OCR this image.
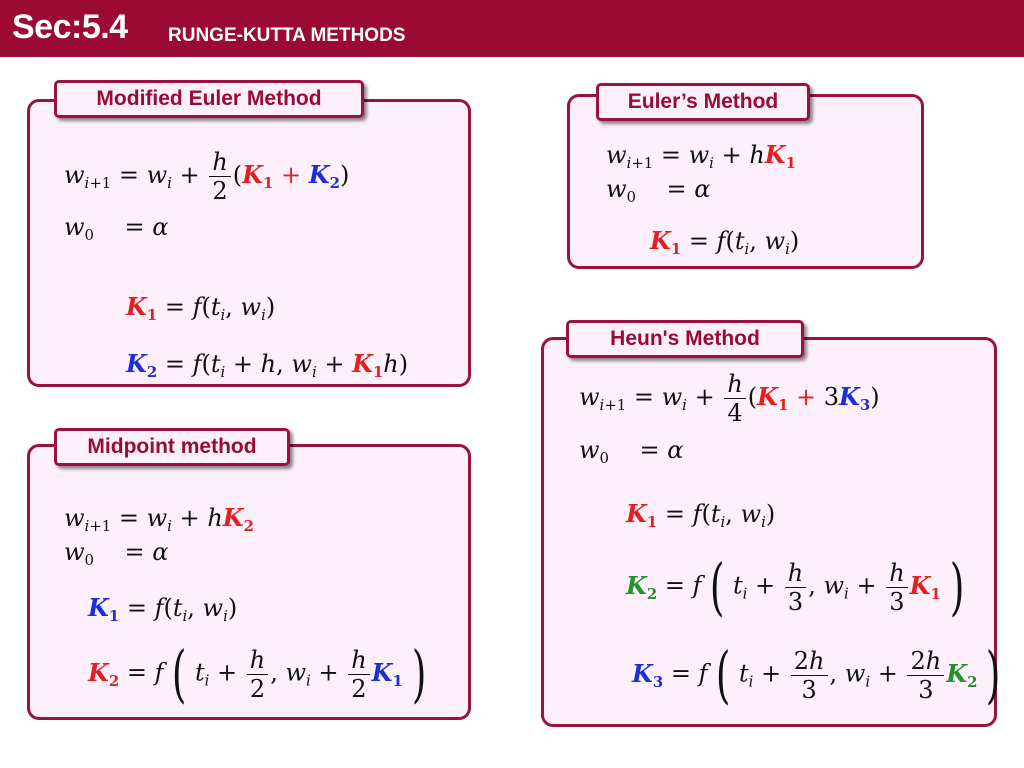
Sec:5.4 RUNGE-KUTTA METHODS
Modified Euler Method
$w_{i+1} = w_i + \frac{h}{2} (K_1 + K_2)$
$w_0$    = α
$K_1 = f(t_i$, $w_i$)
$K_2 = f(t_i + h$, $w_i + K_1h$)
Euler’s Method
$w_{i+1} = w_i + hK_1$
$w_0$    = α
$K_1 = f(t_i$, $w_i$)
Heun's Method
$w_{i+1} = w_i + \frac{h}{4} (K_1 + 3K_3)$
$w_0$    = α
$K_1 = f(t_i$, $w_i$)
$K_2 = f$ ( $t_i + \frac{h}{3}$ , $w_i + \frac{h}{3} K_1$ )
$K_3 = f$ ( $t_i + \frac{2h}{3}$ , $w_i + \frac{2h}{3} K_2$ )
Midpoint method
$w_{i+1} = w_i + hK_2$
$w_0$    = α
$K_1 = f(t_i$, $w_i$)
$K_2 = f$ ( $t_i + \frac{h}{2}$ , $w_i + \frac{h}{2} K_1$ )
